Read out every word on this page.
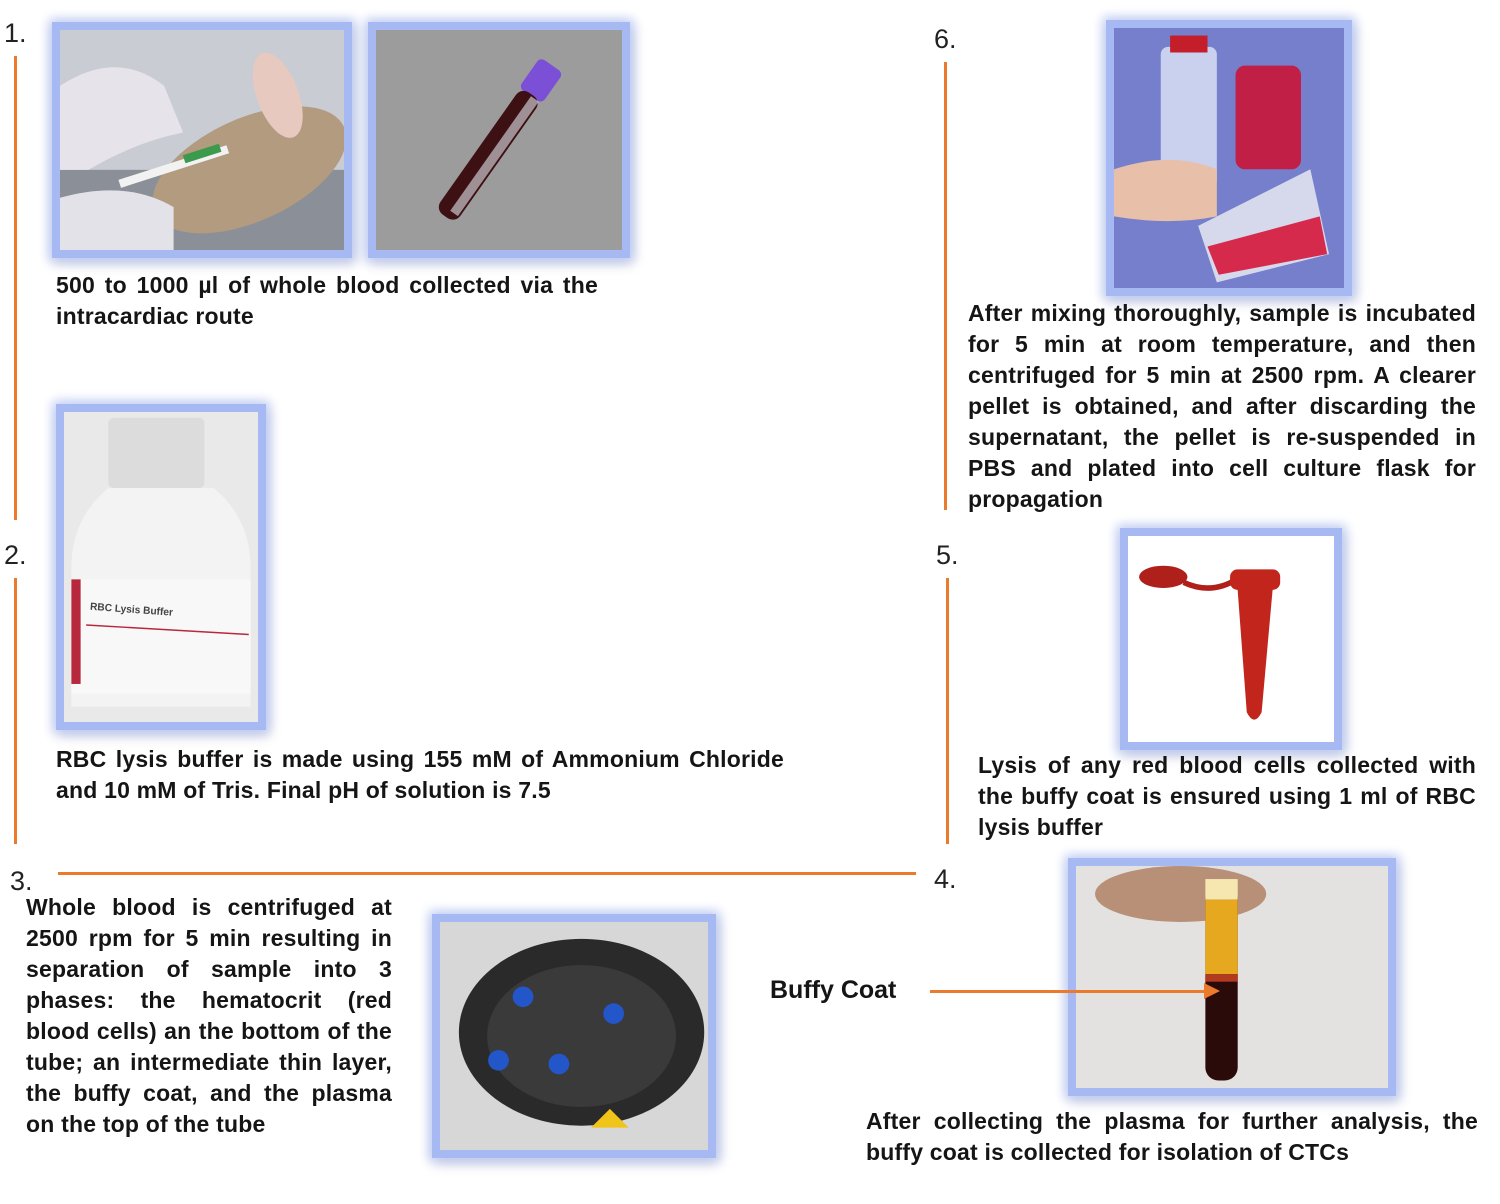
1.
2.
3.	4.
5.
6.
500 to 1000 µl of whole blood collected via the intracardiac route
RBC Lysis Buffer
RBC lysis buffer is made using 155 mM of Ammonium Chloride and 10 mM of Tris. Final pH of solution is 7.5
Whole blood is centrifuged at 2500 rpm for 5 min resulting in separation of sample into 3 phases: the hematocrit (red blood cells) an the bottom of the tube; an intermediate thin layer, the buffy coat, and the plasma on the top of the tube
Buffy Coat
After collecting the plasma for further analysis, the buffy coat is collected for isolation of CTCs
Lysis of any red blood cells collected with the buffy coat is ensured using 1 ml of RBC lysis buffer
After mixing thoroughly, sample is incubated for 5 min at room temperature, and then centrifuged for 5 min at 2500 rpm. A clearer pellet is obtained, and after discarding the supernatant, the pellet is re-suspended in PBS and plated into cell culture flask for propagation
